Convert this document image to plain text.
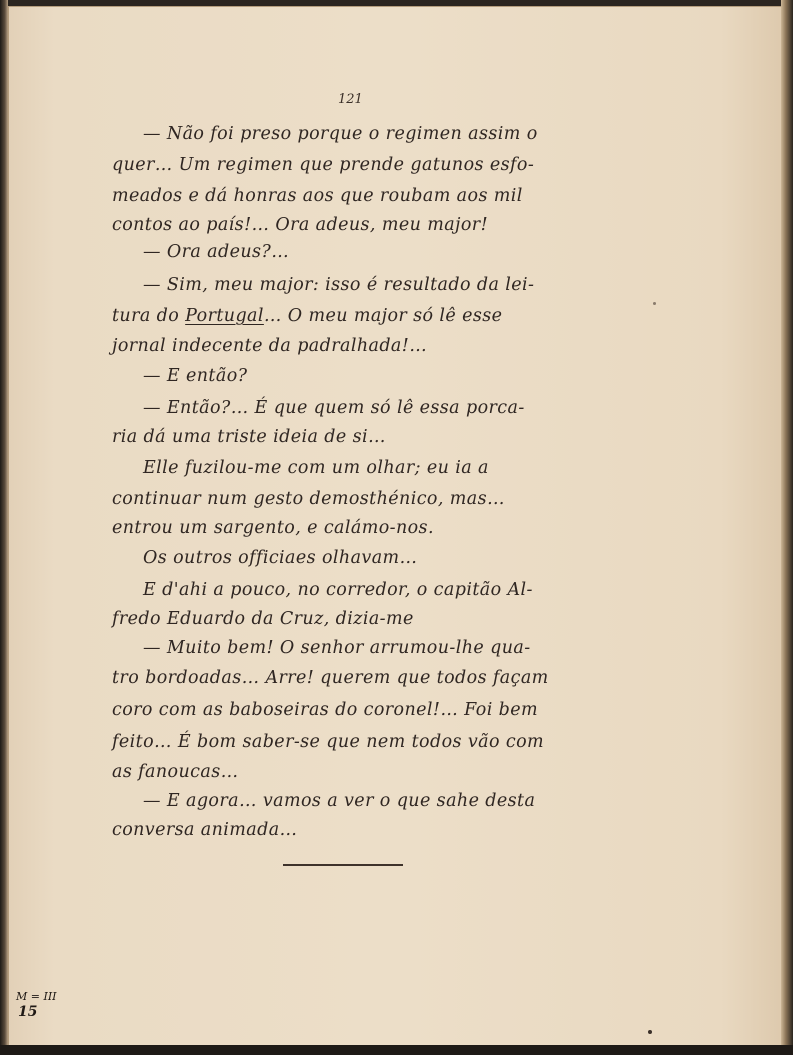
121
— Não foi preso porque o regimen assim o
quer… Um regimen que prende gatunos esfo-
meados e dá honras aos que roubam aos mil
contos ao país!… Ora adeus, meu major!
— Ora adeus?…
— Sim, meu major: isso é resultado da lei-
tura do Portugal… O meu major só lê esse
jornal indecente da padralhada!…
— E então?
— Então?… É que quem só lê essa porca-
ria dá uma triste ideia de si…
Elle fuzilou-me com um olhar; eu ia a
continuar num gesto demosthénico, mas…
entrou um sargento, e calámo-nos.
Os outros officiaes olhavam…
E d'ahi a pouco, no corredor, o capitão Al-
fredo Eduardo da Cruz, dizia-me
— Muito bem! O senhor arrumou-lhe qua-
tro bordoadas… Arre! querem que todos façam
coro com as baboseiras do coronel!… Foi bem
feito… É bom saber-se que nem todos vão com
as fanoucas…
— E agora… vamos a ver o que sahe desta
conversa animada…
M = III
15
